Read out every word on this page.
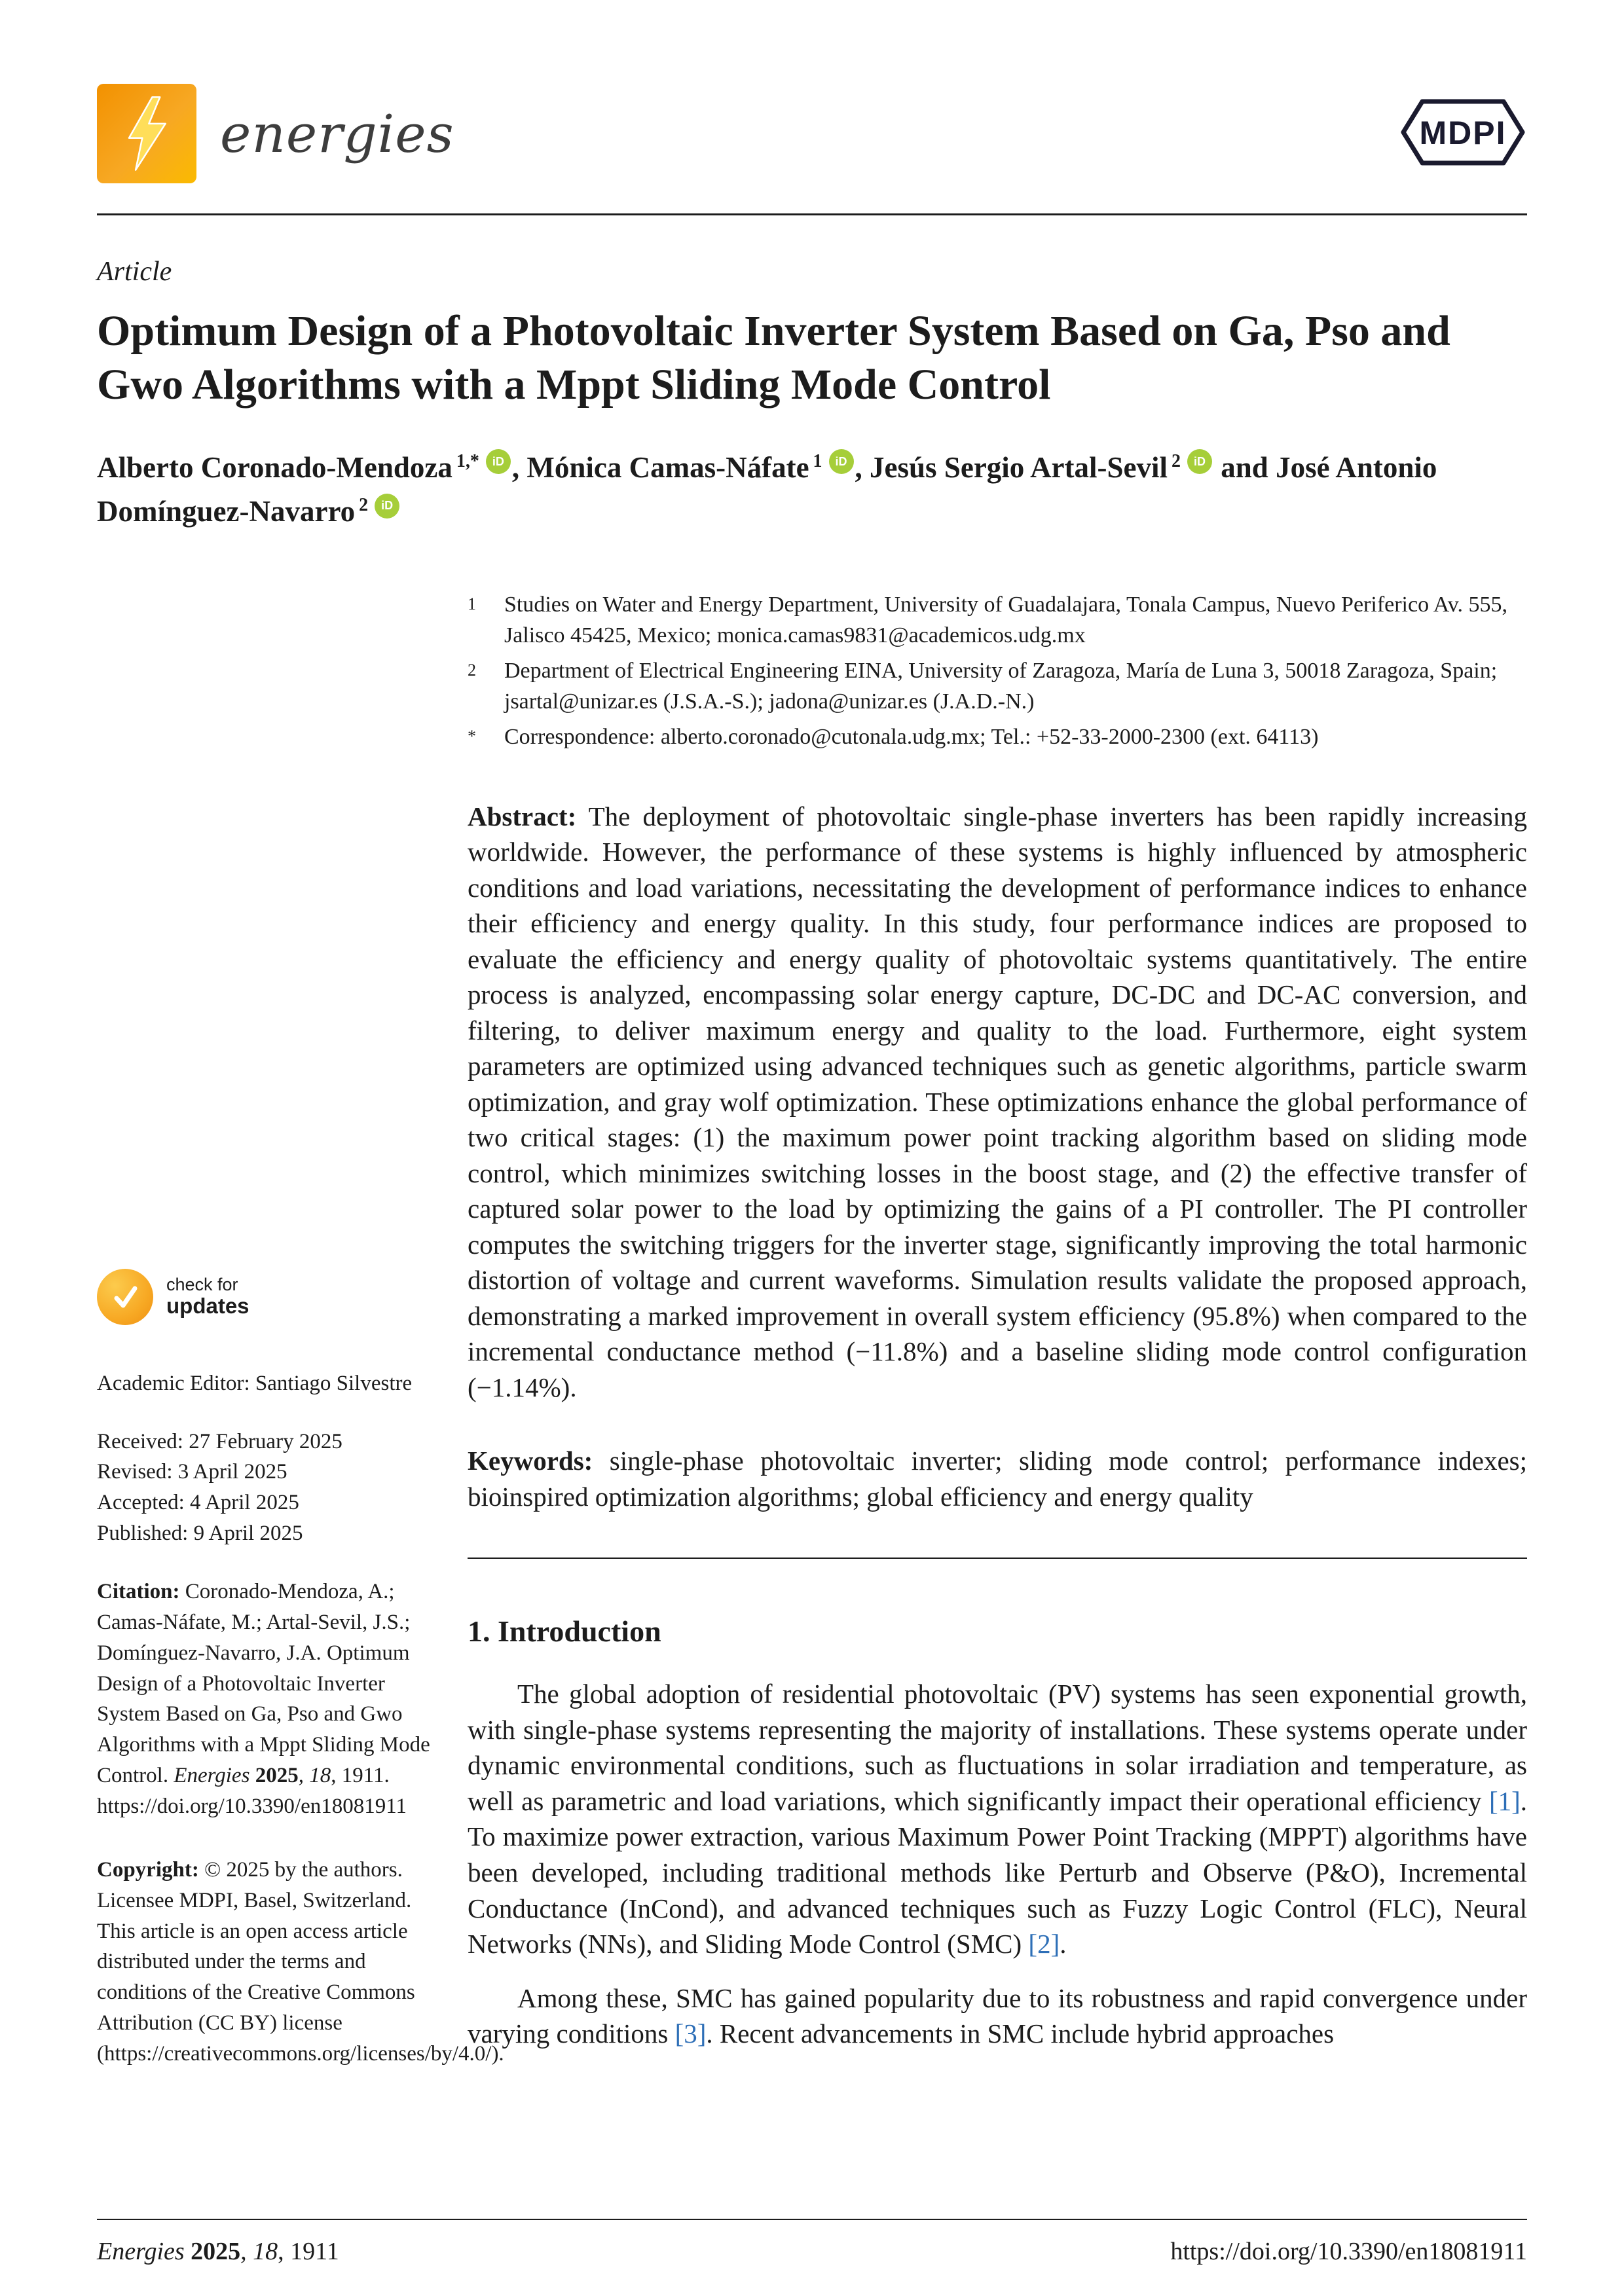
energies	MDPI
Article
Optimum Design of a Photovoltaic Inverter System Based on Ga, Pso and Gwo Algorithms with a Mppt Sliding Mode Control
Alberto Coronado-Mendoza $^{1,*}$ iD , Mónica Camas-Náfate $^1$ iD , Jesús Sergio Artal-Sevil $^2$ iD and José Antonio Domínguez-Navarro $^2$ iD
check for
updates
Academic Editor: Santiago Silvestre
Received: 27 February 2025
Revised: 3 April 2025
Accepted: 4 April 2025
Published: 9 April 2025

Citation: Coronado-Mendoza, A.; Camas-Náfate, M.; Artal-Sevil, J.S.; Domínguez-Navarro, J.A. Optimum Design of a Photovoltaic Inverter System Based on Ga, Pso and Gwo Algorithms with a Mppt Sliding Mode Control. Energies 2025, 18, 1911. https://doi.org/10.3390/en18081911

Copyright: © 2025 by the authors. Licensee MDPI, Basel, Switzerland. This article is an open access article distributed under the terms and conditions of the Creative Commons Attribution (CC BY) license (https://creativecommons.org/licenses/by/4.0/).

1	Studies on Water and Energy Department, University of Guadalajara, Tonala Campus, Nuevo Periferico Av. 555, Jalisco 45425, Mexico; monica.camas9831@academicos.udg.mx
2	Department of Electrical Engineering EINA, University of Zaragoza, María de Luna 3, 50018 Zaragoza, Spain; jsartal@unizar.es (J.S.A.-S.); jadona@unizar.es (J.A.D.-N.)
*	Correspondence: alberto.coronado@cutonala.udg.mx; Tel.: +52-33-2000-2300 (ext. 64113)

Abstract: The deployment of photovoltaic single-phase inverters has been rapidly increasing worldwide. However, the performance of these systems is highly influenced by atmospheric conditions and load variations, necessitating the development of performance indices to enhance their efficiency and energy quality. In this study, four performance indices are proposed to evaluate the efficiency and energy quality of photovoltaic systems quantitatively. The entire process is analyzed, encompassing solar energy capture, DC-DC and DC-AC conversion, and filtering, to deliver maximum energy and quality to the load. Furthermore, eight system parameters are optimized using advanced techniques such as genetic algorithms, particle swarm optimization, and gray wolf optimization. These optimizations enhance the global performance of two critical stages: (1) the maximum power point tracking algorithm based on sliding mode control, which minimizes switching losses in the boost stage, and (2) the effective transfer of captured solar power to the load by optimizing the gains of a PI controller. The PI controller computes the switching triggers for the inverter stage, significantly improving the total harmonic distortion of voltage and current waveforms. Simulation results validate the proposed approach, demonstrating a marked improvement in overall system efficiency (95.8%) when compared to the incremental conductance method (−11.8%) and a baseline sliding mode control configuration (−1.14%).

Keywords: single-phase photovoltaic inverter; sliding mode control; performance indexes; bioinspired optimization algorithms; global efficiency and energy quality

1. Introduction

The global adoption of residential photovoltaic (PV) systems has seen exponential growth, with single-phase systems representing the majority of installations. These systems operate under dynamic environmental conditions, such as fluctuations in solar irradiation and temperature, as well as parametric and load variations, which significantly impact their operational efficiency [1]. To maximize power extraction, various Maximum Power Point Tracking (MPPT) algorithms have been developed, including traditional methods like Perturb and Observe (P&O), Incremental Conductance (InCond), and advanced techniques such as Fuzzy Logic Control (FLC), Neural Networks (NNs), and Sliding Mode Control (SMC) [2].

Among these, SMC has gained popularity due to its robustness and rapid convergence under varying conditions [3]. Recent advancements in SMC include hybrid approaches

Energies 2025, 18, 1911	https://doi.org/10.3390/en18081911
